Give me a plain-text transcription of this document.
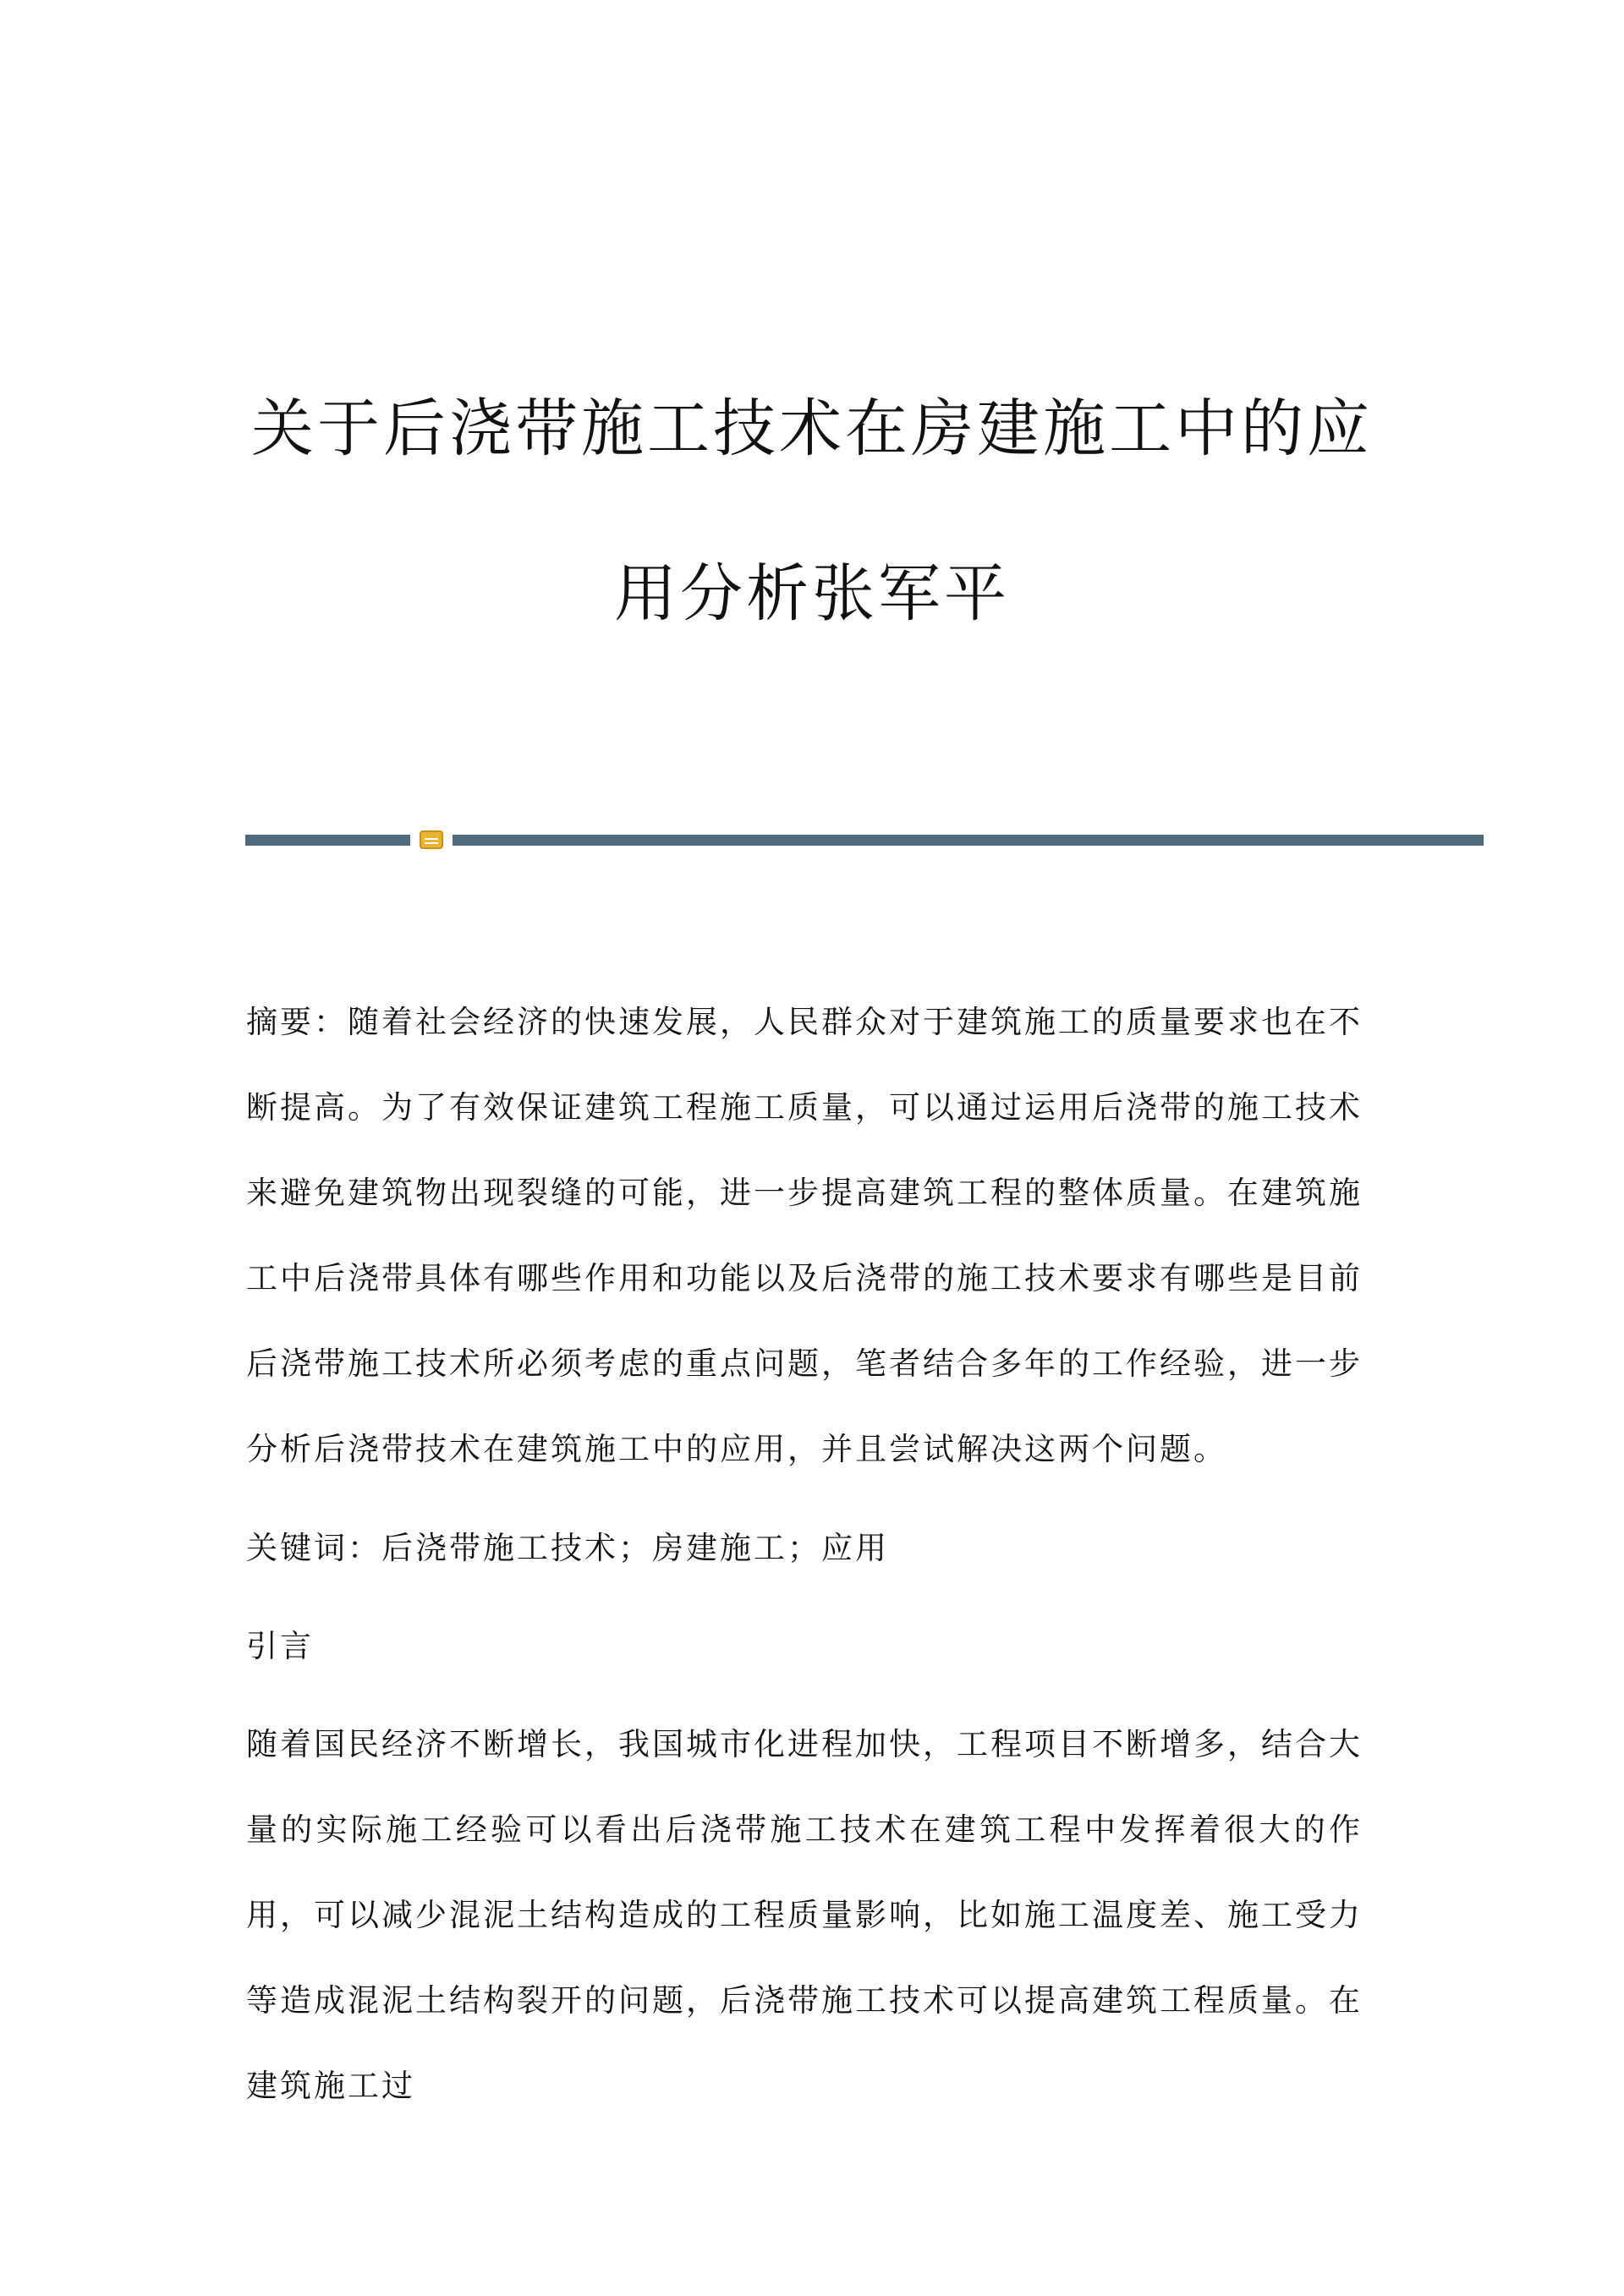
关于后浇带施工技术在房建施工中的应
用分析张军平

摘要：随着社会经济的快速发展，人民群众对于建筑施工的质量要求也在不断提高。为了有效保证建筑工程施工质量，可以通过运用后浇带的施工技术来避免建筑物出现裂缝的可能，进一步提高建筑工程的整体质量。在建筑施工中后浇带具体有哪些作用和功能以及后浇带的施工技术要求有哪些是目前后浇带施工技术所必须考虑的重点问题，笔者结合多年的工作经验，进一步分析后浇带技术在建筑施工中的应用，并且尝试解决这两个问题。

关键词：后浇带施工技术；房建施工；应用

引言

随着国民经济不断增长，我国城市化进程加快，工程项目不断增多，结合大量的实际施工经验可以看出后浇带施工技术在建筑工程中发挥着很大的作用，可以减少混泥土结构造成的工程质量影响，比如施工温度差、施工受力等造成混泥土结构裂开的问题，后浇带施工技术可以提高建筑工程质量。在建筑施工过
